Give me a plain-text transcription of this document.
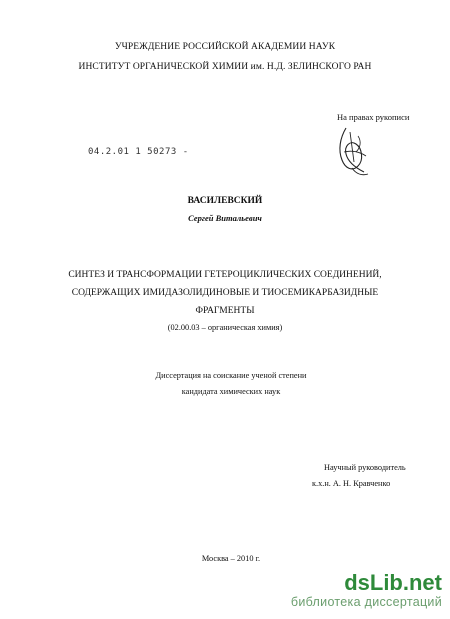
УЧРЕЖДЕНИЕ РОССИЙСКОЙ АКАДЕМИИ НАУК
ИНСТИТУТ ОРГАНИЧЕСКОЙ ХИМИИ им. Н.Д. ЗЕЛИНСКОГО РАН
На правах рукописи
04.2.01 1 50273 -
ВАСИЛЕВСКИЙ
Сергей Витальевич
СИНТЕЗ И ТРАНСФОРМАЦИИ ГЕТЕРОЦИКЛИЧЕСКИХ СОЕДИНЕНИЙ,
СОДЕРЖАЩИХ ИМИДАЗОЛИДИНОВЫЕ И ТИОСЕМИКАРБАЗИДНЫЕ
ФРАГМЕНТЫ
(02.00.03 – органическая химия)
Диссертация на соискание ученой степени
кандидата химических наук
Научный руководитель
к.х.н. А. Н. Кравченко
Москва – 2010 г.
dsLib.net
библиотека диссертаций
